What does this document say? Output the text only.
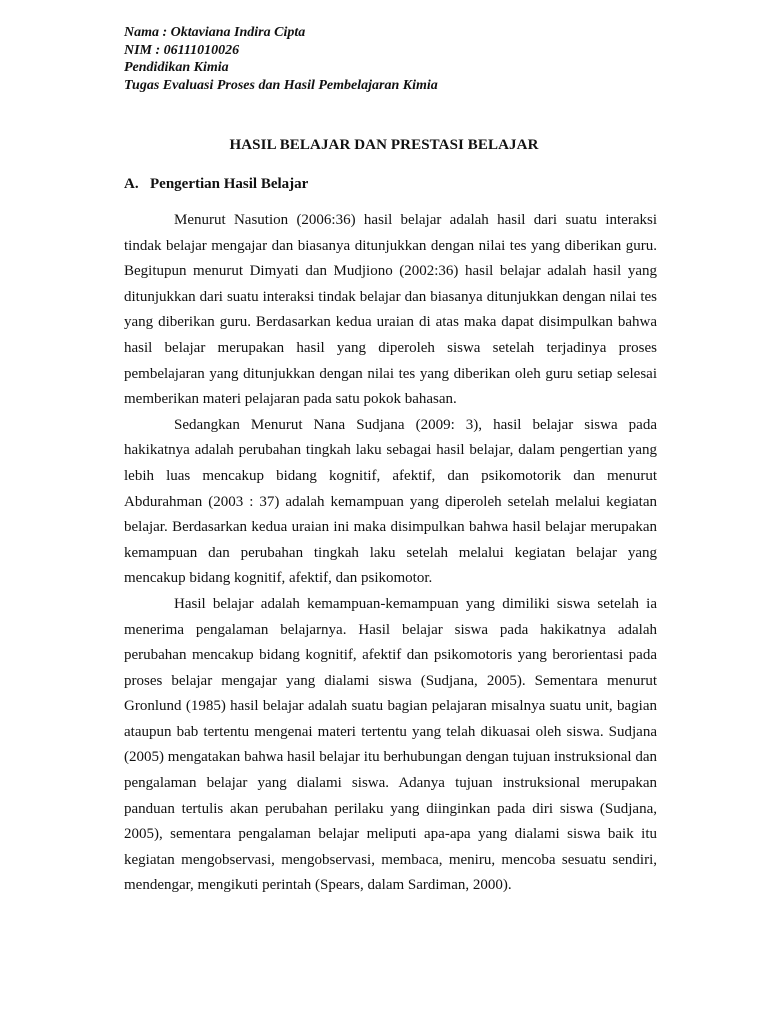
Nama : Oktaviana Indira Cipta
NIM : 06111010026
Pendidikan Kimia
Tugas Evaluasi Proses dan Hasil Pembelajaran Kimia
HASIL BELAJAR DAN PRESTASI BELAJAR
A. Pengertian Hasil Belajar

Menurut Nasution (2006:36) hasil belajar adalah hasil dari suatu interaksi tindak belajar mengajar dan biasanya ditunjukkan dengan nilai tes yang diberikan guru. Begitupun menurut Dimyati dan Mudjiono (2002:36) hasil belajar adalah hasil yang ditunjukkan dari suatu interaksi tindak belajar dan biasanya ditunjukkan dengan nilai tes yang diberikan guru. Berdasarkan kedua uraian di atas maka dapat disimpulkan bahwa hasil belajar merupakan hasil yang diperoleh siswa setelah terjadinya proses pembelajaran yang ditunjukkan dengan nilai tes yang diberikan oleh guru setiap selesai memberikan materi pelajaran pada satu pokok bahasan.

Sedangkan Menurut Nana Sudjana (2009: 3), hasil belajar siswa pada hakikatnya adalah perubahan tingkah laku sebagai hasil belajar, dalam pengertian yang lebih luas mencakup bidang kognitif, afektif, dan psikomotorik dan menurut Abdurahman (2003 : 37) adalah kemampuan yang diperoleh setelah melalui kegiatan belajar. Berdasarkan kedua uraian ini maka disimpulkan bahwa hasil belajar merupakan kemampuan dan perubahan tingkah laku setelah melalui kegiatan belajar yang mencakup bidang kognitif, afektif, dan psikomotor.

Hasil belajar adalah kemampuan-kemampuan yang dimiliki siswa setelah ia menerima pengalaman belajarnya. Hasil belajar siswa pada hakikatnya adalah perubahan mencakup bidang kognitif, afektif dan psikomotoris yang berorientasi pada proses belajar mengajar yang dialami siswa (Sudjana, 2005). Sementara menurut Gronlund (1985) hasil belajar adalah suatu bagian pelajaran misalnya suatu unit, bagian ataupun bab tertentu mengenai materi tertentu yang telah dikuasai oleh siswa. Sudjana (2005) mengatakan bahwa hasil belajar itu berhubungan dengan tujuan instruksional dan pengalaman belajar yang dialami siswa. Adanya tujuan instruksional merupakan panduan tertulis akan perubahan perilaku yang diinginkan pada diri siswa (Sudjana, 2005), sementara pengalaman belajar meliputi apa-apa yang dialami siswa baik itu kegiatan mengobservasi, mengobservasi, membaca, meniru, mencoba sesuatu sendiri, mendengar, mengikuti perintah (Spears, dalam Sardiman, 2000).
